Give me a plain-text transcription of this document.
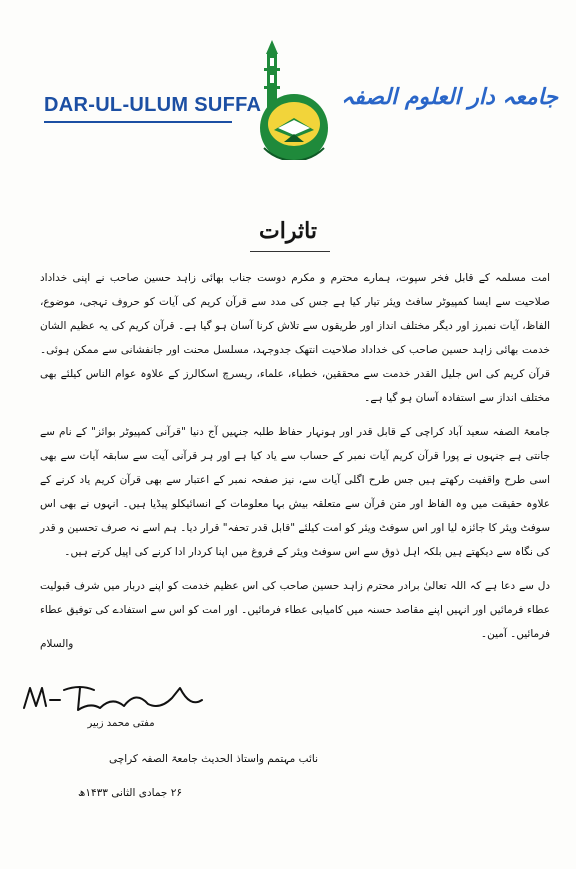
DAR-UL-ULUM SUFFA	جامعہ دار العلوم الصفہ
تاثرات

امت مسلمہ کے قابل فخر سپوت، ہمارے محترم و مکرم دوست جناب بھائی زاہد حسین صاحب نے اپنی خداداد صلاحیت سے ایسا کمپیوٹر سافٹ ویئر تیار کیا ہے جس کی مدد سے قرآن کریم کی آیات کو حروف تہجی، موضوع، الفاظ، آیات نمبرز اور دیگر مختلف انداز اور طریقوں سے تلاش کرنا آسان ہو گیا ہے۔ قرآن کریم کی یہ عظیم الشان خدمت بھائی زاہد حسین صاحب کی خداداد صلاحیت انتھک جدوجہد، مسلسل محنت اور جانفشانی سے ممکن ہوئی۔ قرآن کریم کی اس جلیل القدر خدمت سے محققین، خطباء، علماء، ریسرچ اسکالرز کے علاوہ عوام الناس کیلئے بھی مختلف انداز سے استفادہ آسان ہو گیا ہے۔

جامعۃ الصفہ سعید آباد کراچی کے قابل قدر اور ہونہار حفاظ طلبہ جنہیں آج دنیا "قرآنی کمپیوٹر بوائز" کے نام سے جانتی ہے جنہوں نے پورا قرآن کریم آیات نمبر کے حساب سے یاد کیا ہے اور ہر قرآنی آیت سے سابقہ آیات سے بھی اسی طرح واقفیت رکھتے ہیں جس طرح اگلی آیات سے، نیز صفحہ نمبر کے اعتبار سے بھی قرآن کریم یاد کرنے کے علاوہ حقیقت میں وہ الفاظ اور متن قرآن سے متعلقہ بیش بہا معلومات کے انسائیکلو پیڈیا ہیں۔ انہوں نے بھی اس سوفٹ ویئر کا جائزہ لیا اور اس سوفٹ ویئر کو امت کیلئے "قابل قدر تحفہ" قرار دیا۔ ہم اسے نہ صرف تحسین و قدر کی نگاہ سے دیکھتے ہیں بلکہ اہل ذوق سے اس سوفٹ ویئر کے فروغ میں اپنا کردار ادا کرنے کی اپیل کرتے ہیں۔

دل سے دعا ہے کہ اللہ تعالیٰ برادر محترم زاہد حسین صاحب کی اس عظیم خدمت کو اپنے دربار میں شرف قبولیت عطاء فرمائیں اور انہیں اپنے مقاصد حسنہ میں کامیابی عطاء فرمائیں۔ اور امت کو اس سے استفادے کی توفیق عطاء فرمائیں۔ آمین۔

والسلام
مفتی محمد زبیر
نائب مہتمم واستاذ الحدیث جامعۃ الصفہ کراچی
۲۶ جمادی الثانی ۱۴۳۳ھ
